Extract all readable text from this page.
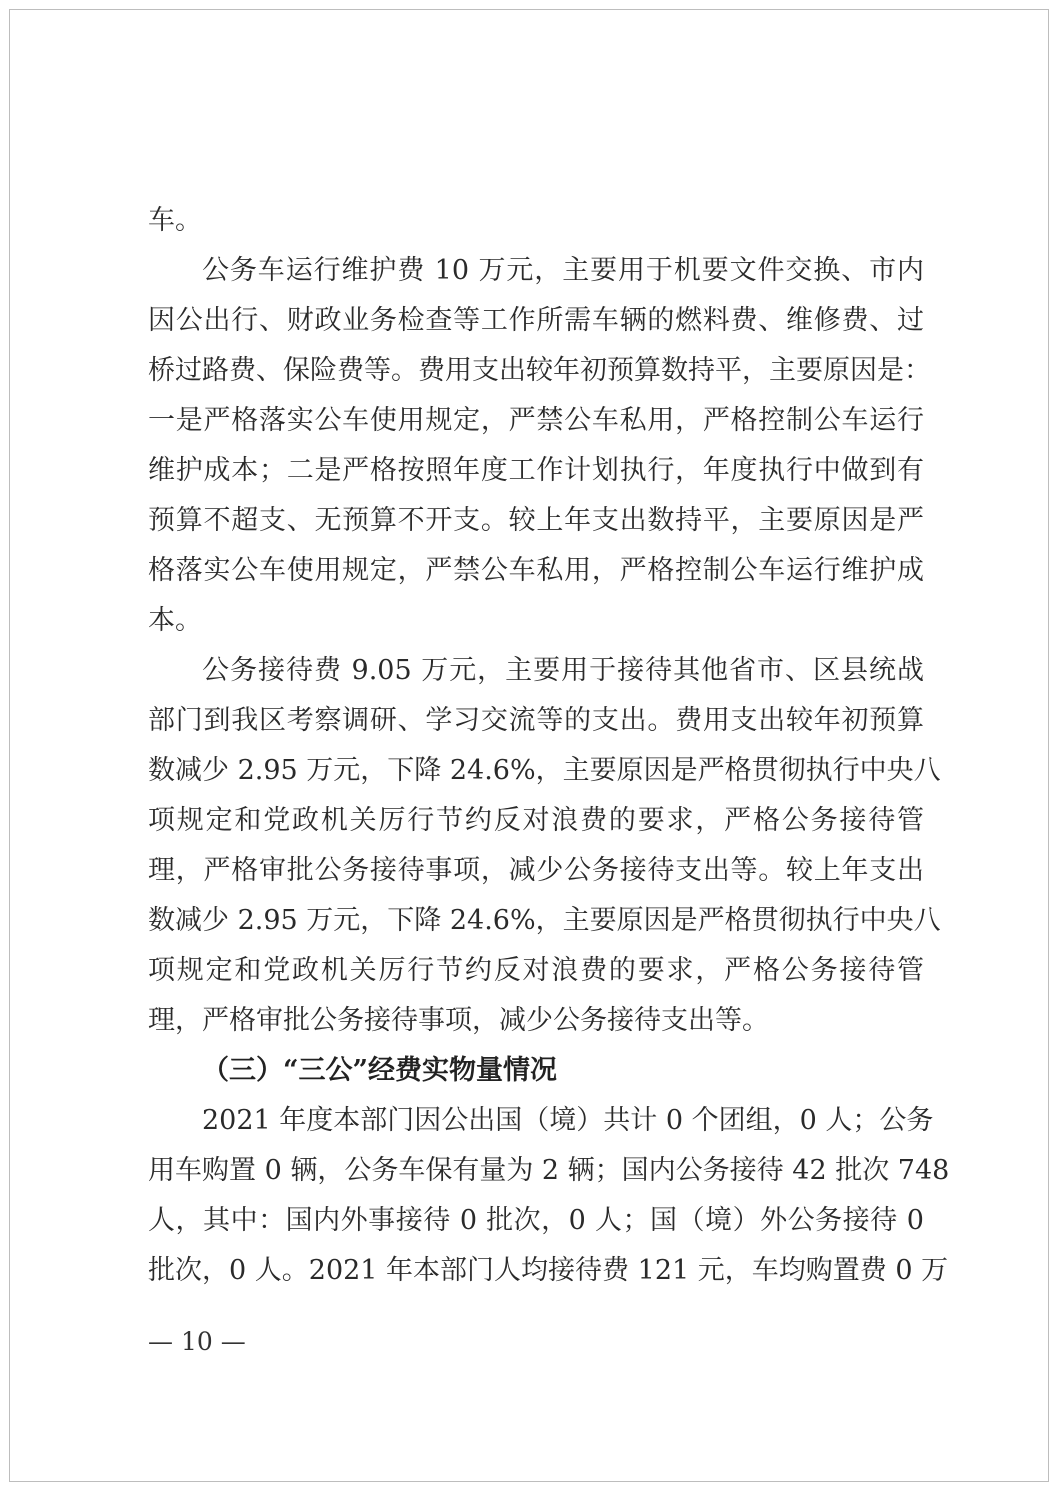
车。
公务车运行维护费 10 万元，主要用于机要文件交换、市内
因公出行、财政业务检查等工作所需车辆的燃料费、维修费、过
桥过路费、保险费等。费用支出较年初预算数持平，主要原因是：
一是严格落实公车使用规定，严禁公车私用，严格控制公车运行
维护成本；二是严格按照年度工作计划执行，年度执行中做到有
预算不超支、无预算不开支。较上年支出数持平，主要原因是严
格落实公车使用规定，严禁公车私用，严格控制公车运行维护成
本。
公务接待费 9.05 万元，主要用于接待其他省市、区县统战
部门到我区考察调研、学习交流等的支出。费用支出较年初预算
数减少 2.95 万元，下降 24.6%，主要原因是严格贯彻执行中央八
项规定和党政机关厉行节约反对浪费的要求，严格公务接待管
理，严格审批公务接待事项，减少公务接待支出等。较上年支出
数减少 2.95 万元，下降 24.6%，主要原因是严格贯彻执行中央八
项规定和党政机关厉行节约反对浪费的要求，严格公务接待管
理，严格审批公务接待事项，减少公务接待支出等。
（三）“三公”经费实物量情况
2021 年度本部门因公出国（境）共计 0 个团组，0 人；公务
用车购置 0 辆，公务车保有量为 2 辆；国内公务接待 42 批次 748
人，其中：国内外事接待 0 批次，0 人；国（境）外公务接待 0
批次，0 人。2021 年本部门人均接待费 121 元，车均购置费 0 万
— 10 —
